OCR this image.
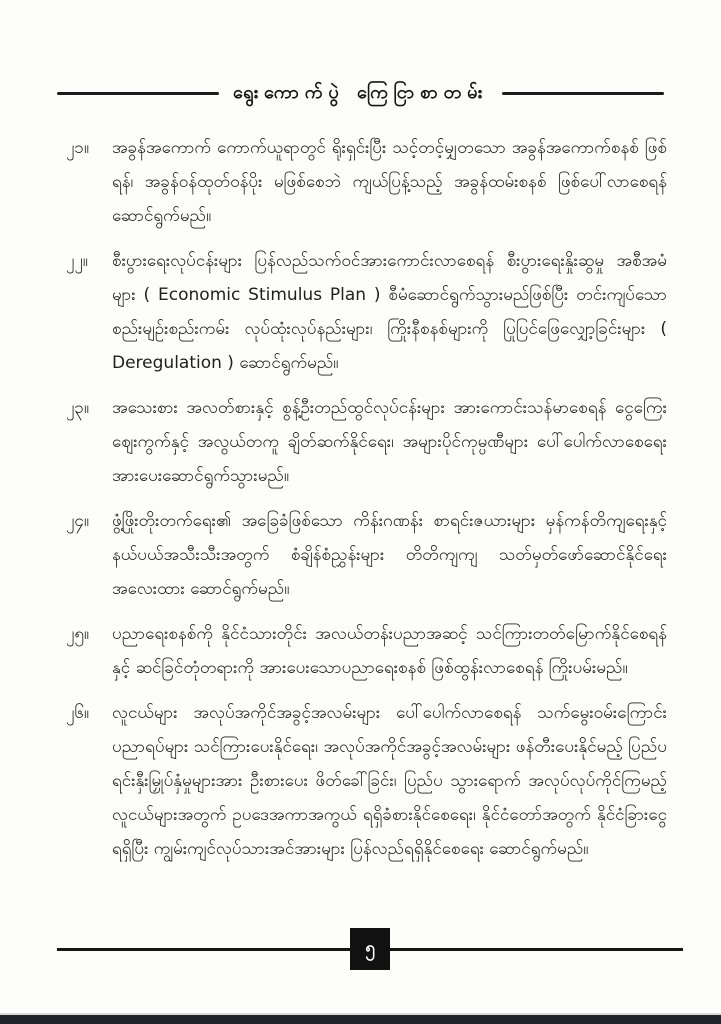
ရွေးကောက်ပွဲ ကြေငြာစာတမ်း
၂၁။	အခွန်အကောက် ကောက်ယူရာတွင် ရိုးရှင်းပြီး သင့်တင့်မျှတသော အခွန်အကောက်စနစ် ဖြစ်ရန်၊ အခွန်ဝန်ထုတ်ဝန်ပိုး မဖြစ်စေဘဲ ကျယ်ပြန့်သည့် အခွန်ထမ်းစနစ် ဖြစ်ပေါ်လာစေရန် ဆောင်ရွက်မည်။

၂၂။	စီးပွားရေးလုပ်ငန်းများ ပြန်လည်သက်ဝင်အားကောင်းလာစေရန် စီးပွားရေးနှိုးဆွမှု အစီအမံများ ( Economic Stimulus Plan ) စီမံဆောင်ရွက်သွားမည်ဖြစ်ပြီး တင်းကျပ်သော စည်းမျဉ်းစည်းကမ်း လုပ်ထုံးလုပ်နည်းများ၊ ကြိုးနီစနစ်များကို ပြုပြင်ဖြေလျှော့ခြင်းများ ( Deregulation ) ဆောင်ရွက်မည်။

၂၃။	အသေးစား အလတ်စားနှင့် စွန့်ဦးတည်ထွင်လုပ်ငန်းများ အားကောင်းသန်မာစေရန် ငွေကြေးဈေးကွက်နှင့် အလွယ်တကူ ချိတ်ဆက်နိုင်ရေး၊ အများပိုင်ကုမ္ပဏီများ ပေါ်ပေါက်လာစေရေး အားပေးဆောင်ရွက်သွားမည်။

၂၄။	ဖွံ့ဖြိုးတိုးတက်ရေး၏ အခြေခံဖြစ်သော ကိန်းဂဏန်း စာရင်းဇယားများ မှန်ကန်တိကျရေးနှင့် နယ်ပယ်အသီးသီးအတွက် စံချိန်စံညွှန်းများ တိတိကျကျ သတ်မှတ်ဖော်ဆောင်နိုင်ရေး အလေးထား ဆောင်ရွက်မည်။

၂၅။	ပညာရေးစနစ်ကို နိုင်ငံသားတိုင်း အလယ်တန်းပညာအဆင့် သင်ကြားတတ်မြောက်နိုင်စေရန်နှင့် ဆင်ခြင်တုံတရားကို အားပေးသောပညာရေးစနစ် ဖြစ်ထွန်းလာစေရန် ကြိုးပမ်းမည်။

၂၆။	လူငယ်များ အလုပ်အကိုင်အခွင့်အလမ်းများ ပေါ်ပေါက်လာစေရန် သက်မွေးဝမ်းကြောင်း ပညာရပ်များ သင်ကြားပေးနိုင်ရေး၊ အလုပ်အကိုင်အခွင့်အလမ်းများ ဖန်တီးပေးနိုင်မည့် ပြည်ပရင်းနှီးမြှုပ်နှံမှုများအား ဦးစားပေး ဖိတ်ခေါ်ခြင်း၊ ပြည်ပ သွားရောက် အလုပ်လုပ်ကိုင်ကြမည့် လူငယ်များအတွက် ဥပဒေအကာအကွယ် ရရှိခံစားနိုင်စေရေး၊ နိုင်ငံတော်အတွက် နိုင်ငံခြားငွေရရှိပြီး ကျွမ်းကျင်လုပ်သားအင်အားများ ပြန်လည်ရရှိနိုင်စေရေး ဆောင်ရွက်မည်။

၅
